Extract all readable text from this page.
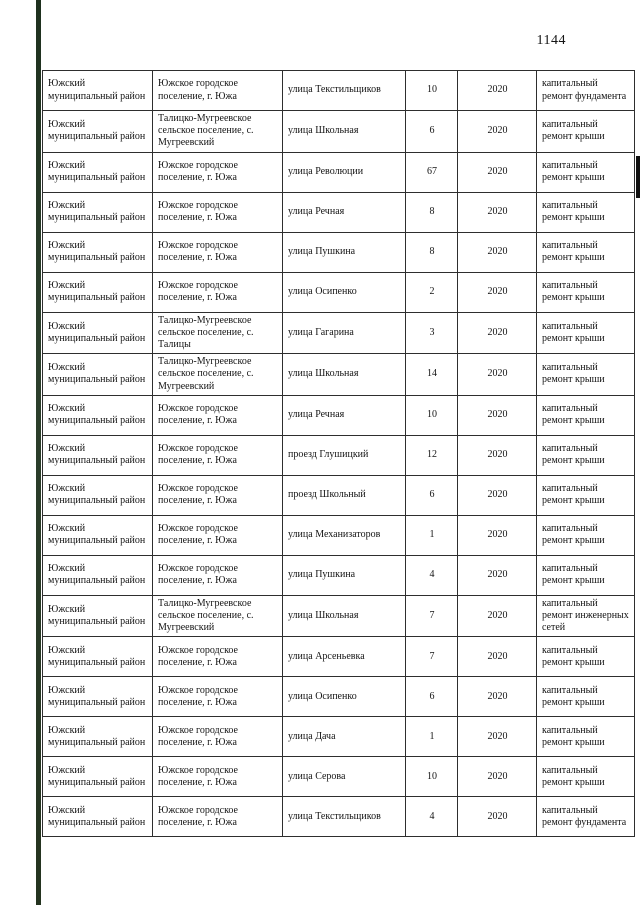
1144
Южский муниципальный район	Южское городское поселение, г. Южа	улица Текстильщиков	10	2020	капитальный ремонт фундамента
Южский муниципальный район	Талицко-Мугреевское сельское поселение, с. Мугреевский	улица Школьная	6	2020	капитальный ремонт крыши
Южский муниципальный район	Южское городское поселение, г. Южа	улица Революции	67	2020	капитальный ремонт крыши
Южский муниципальный район	Южское городское поселение, г. Южа	улица Речная	8	2020	капитальный ремонт крыши
Южский муниципальный район	Южское городское поселение, г. Южа	улица Пушкина	8	2020	капитальный ремонт крыши
Южский муниципальный район	Южское городское поселение, г. Южа	улица Осипенко	2	2020	капитальный ремонт крыши
Южский муниципальный район	Талицко-Мугреевское сельское поселение, с. Талицы	улица Гагарина	3	2020	капитальный ремонт крыши
Южский муниципальный район	Талицко-Мугреевское сельское поселение, с. Мугреевский	улица Школьная	14	2020	капитальный ремонт крыши
Южский муниципальный район	Южское городское поселение, г. Южа	улица Речная	10	2020	капитальный ремонт крыши
Южский муниципальный район	Южское городское поселение, г. Южа	проезд Глушицкий	12	2020	капитальный ремонт крыши
Южский муниципальный район	Южское городское поселение, г. Южа	проезд Школьный	6	2020	капитальный ремонт крыши
Южский муниципальный район	Южское городское поселение, г. Южа	улица Механизаторов	1	2020	капитальный ремонт крыши
Южский муниципальный район	Южское городское поселение, г. Южа	улица Пушкина	4	2020	капитальный ремонт крыши
Южский муниципальный район	Талицко-Мугреевское сельское поселение, с. Мугреевский	улица Школьная	7	2020	капитальный ремонт инженерных сетей
Южский муниципальный район	Южское городское поселение, г. Южа	улица Арсеньевка	7	2020	капитальный ремонт крыши
Южский муниципальный район	Южское городское поселение, г. Южа	улица Осипенко	6	2020	капитальный ремонт крыши
Южский муниципальный район	Южское городское поселение, г. Южа	улица Дача	1	2020	капитальный ремонт крыши
Южский муниципальный район	Южское городское поселение, г. Южа	улица Серова	10	2020	капитальный ремонт крыши
Южский муниципальный район	Южское городское поселение, г. Южа	улица Текстильщиков	4	2020	капитальный ремонт фундамента
